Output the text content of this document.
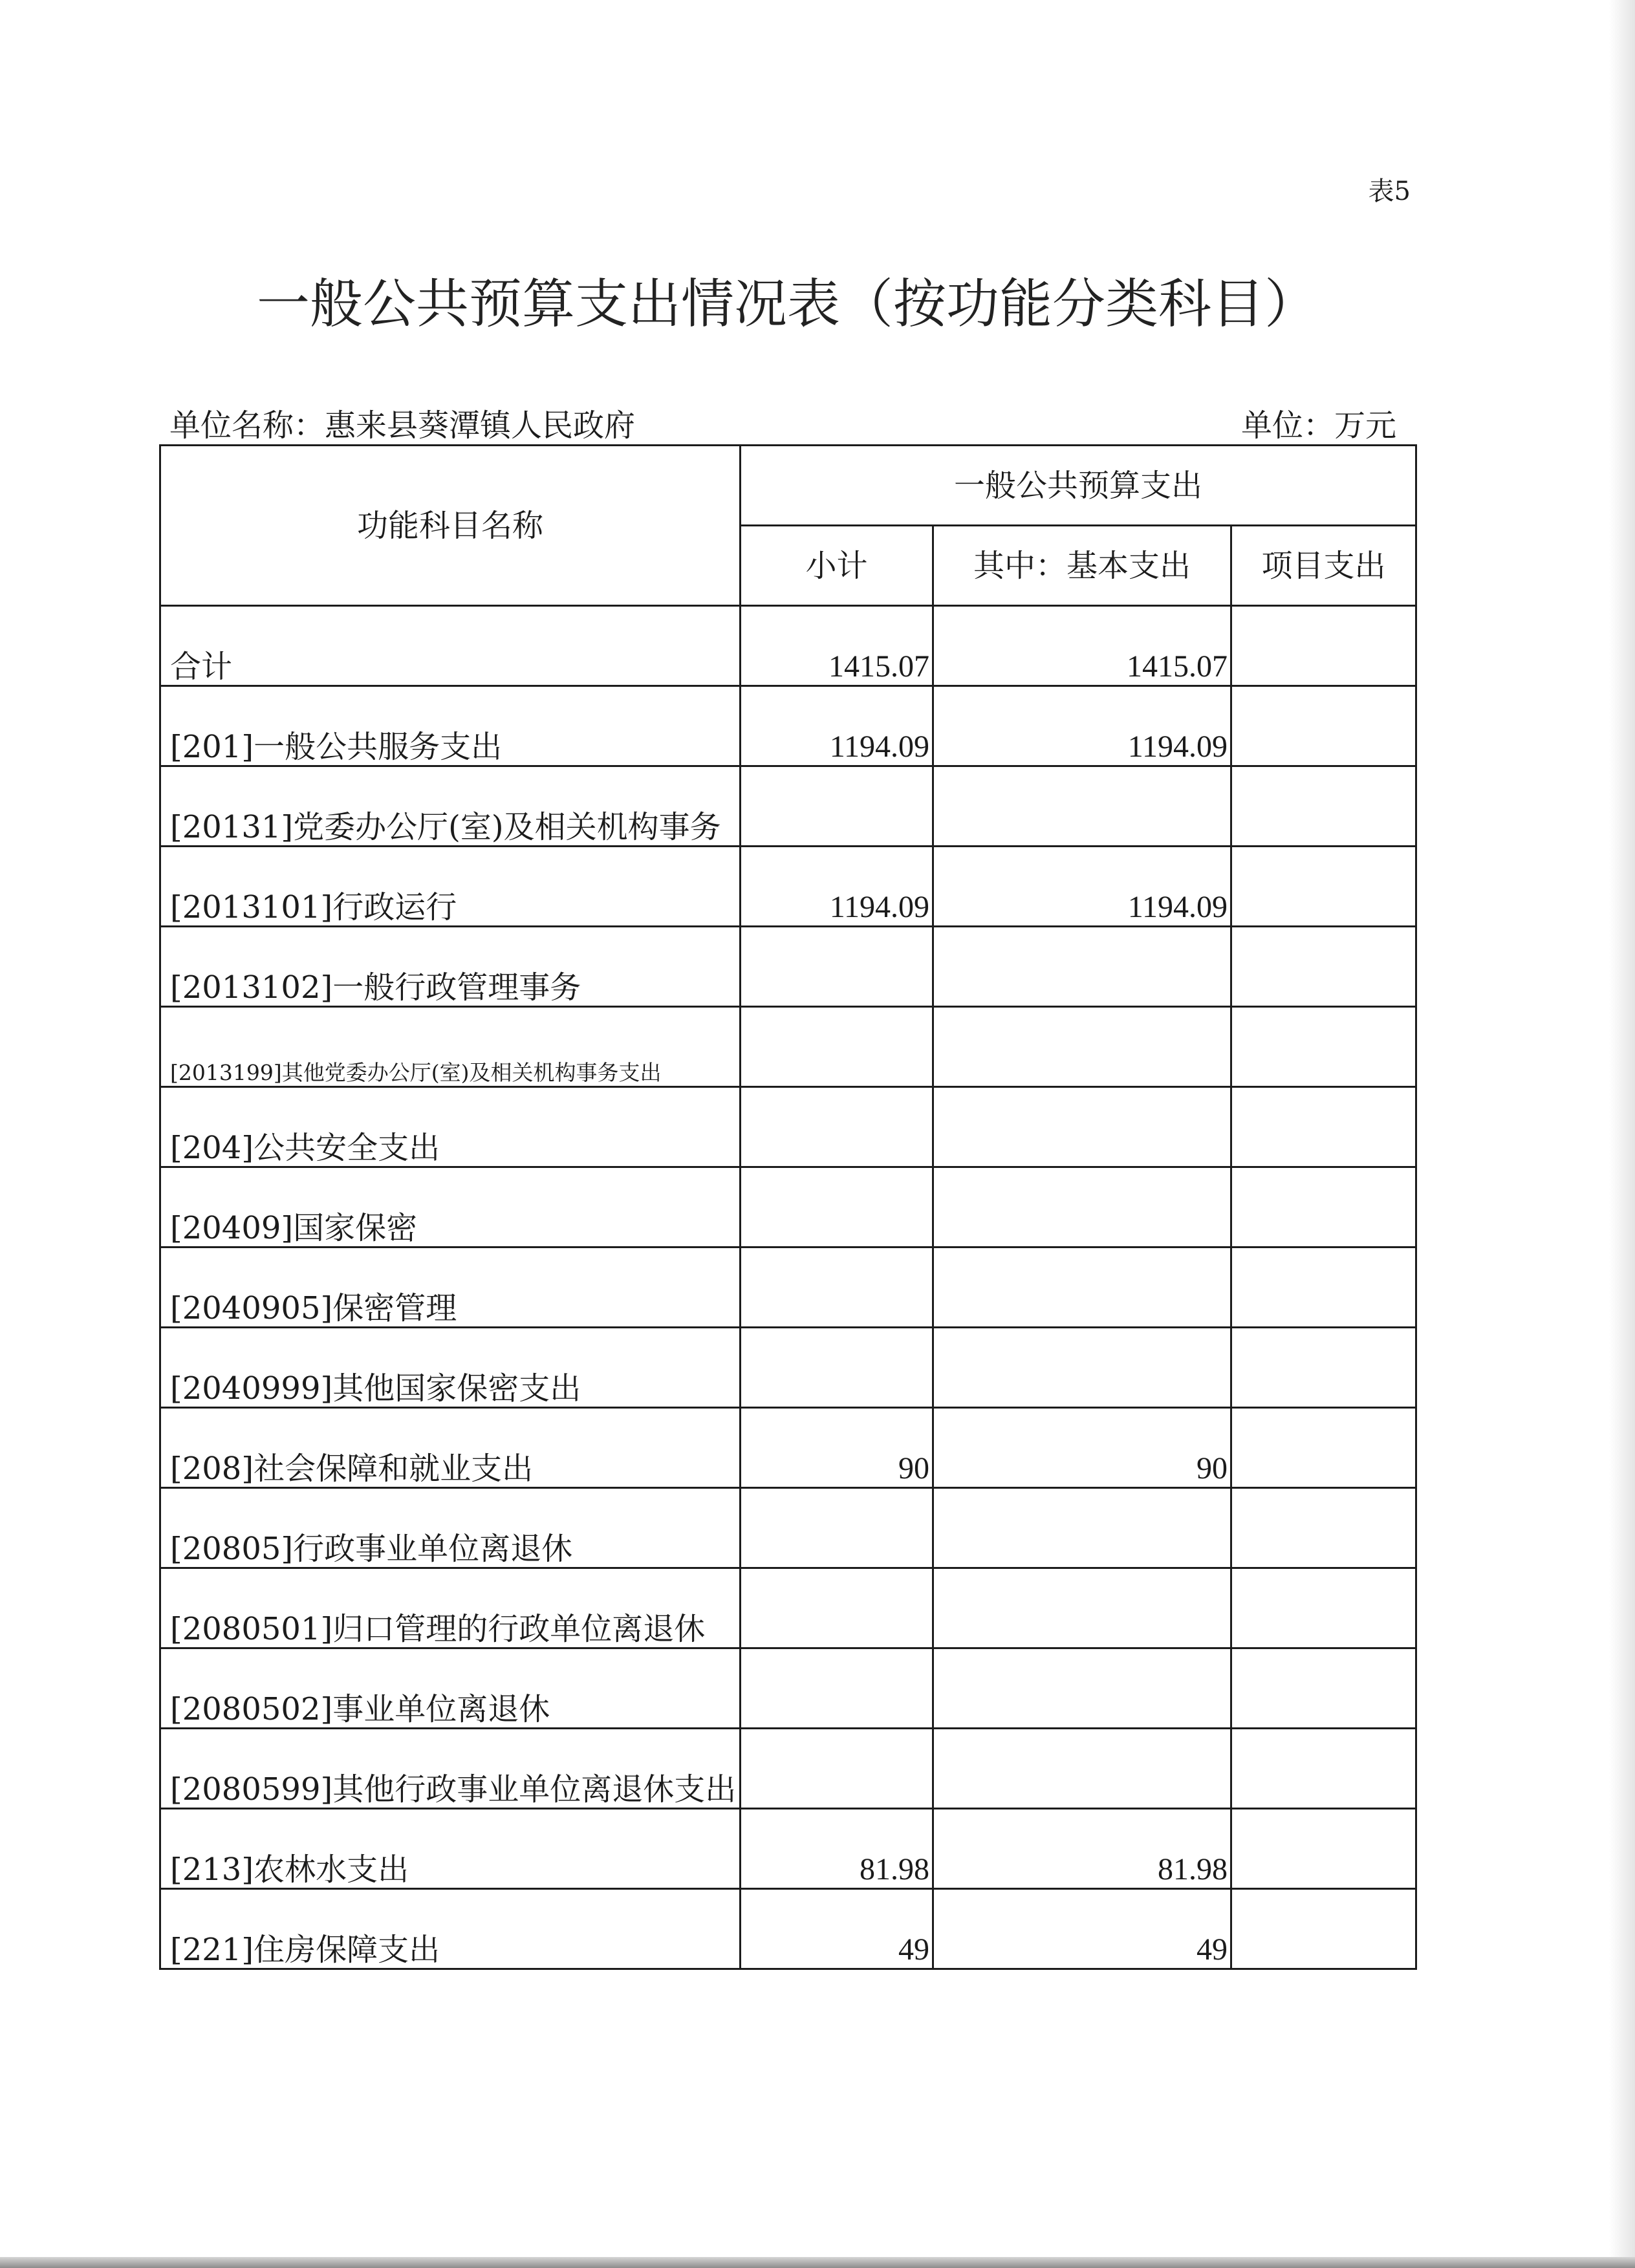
表5
一般公共预算支出情况表（按功能分类科目）
单位名称：惠来县葵潭镇人民政府	单位：万元
功能科目名称	一般公共预算支出		
	小计	其中：基本支出	项目支出
合计	1415.07	1415.07	
[201]一般公共服务支出	1194.09	1194.09	
[20131]党委办公厅(室)及相关机构事务			
[2013101]行政运行	1194.09	1194.09	
[2013102]一般行政管理事务			
[2013199]其他党委办公厅(室)及相关机构事务支出			
[204]公共安全支出			
[20409]国家保密			
[2040905]保密管理			
[2040999]其他国家保密支出			
[208]社会保障和就业支出	90	90	
[20805]行政事业单位离退休			
[2080501]归口管理的行政单位离退休			
[2080502]事业单位离退休			
[2080599]其他行政事业单位离退休支出			
[213]农林水支出	81.98	81.98	
[221]住房保障支出	49	49	
